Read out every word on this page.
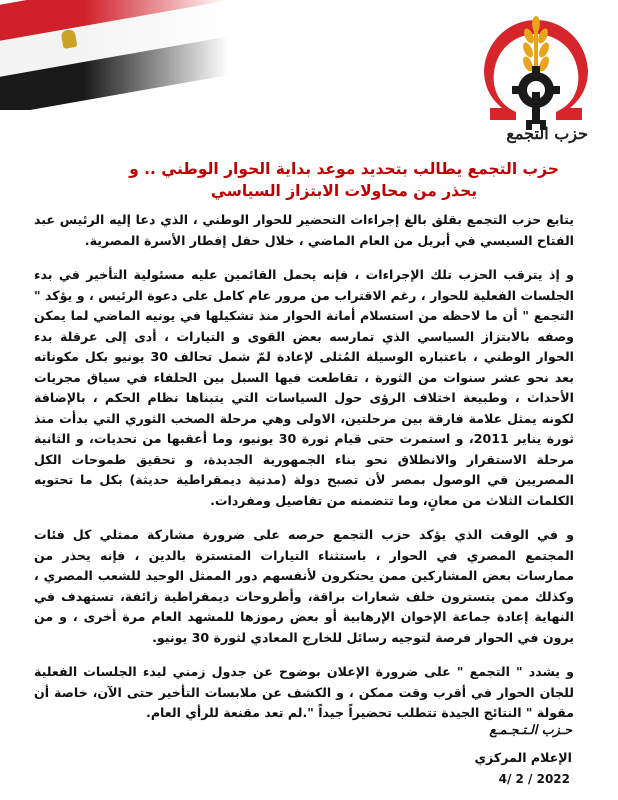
حزب التجمع
حزب التجمع يطالب بتحديد موعد بداية الحوار الوطني .. و يحذر من محاولات الابتزاز السياسي

يتابع حزب التجمع بقلق بالغ إجراءات التحضير للحوار الوطني ، الذي دعا إليه الرئيس عبد الفتاح السيسي في أبريل من العام الماضي ، خلال حفل إفطار الأسرة المصرية.

و إذ يترقب الحزب تلك الإجراءات ، فإنه يحمل القائمين عليه مسئولية التأخير في بدء الجلسات الفعلية للحوار ، رغم الاقتراب من مرور عام كامل على دعوة الرئيس ، و يؤكد " التجمع " أن ما لاحظه من استسلام أمانة الحوار منذ تشكيلها في يونيه الماضي لما يمكن وصفه بالابتزاز السياسي الذي تمارسه بعض القوى و التيارات ، أدى إلى عرقلة بدء الحوار الوطني ، باعتباره الوسيلة المُثلى لإعادة لمّ شمل تحالف 30 يونيو بكل مكوناته بعد نحو عشر سنوات من الثورة ، تقاطعت فيها السبل بين الحلفاء في سياق مجريات الأحداث ، وطبيعة اختلاف الرؤى حول السياسات التي يتبناها نظام الحكم ، بالإضافة لكونه يمثل علامة فارقة بين مرحلتين، الاولى وهي مرحلة الصخب الثوري التي بدأت منذ ثورة يناير 2011، و استمرت حتى قيام ثورة 30 يونيو، وما أعقبها من تحديات، و الثانية مرحلة الاستقرار والانطلاق نحو بناء الجمهورية الجديدة، و تحقيق طموحات الكل المصريين في الوصول بمصر لأن تصبح دولة (مدنية ديمقراطية حديثة) بكل ما تحتويه الكلمات الثلاث من معانٍ، وما تتضمنه من تفاصيل ومفردات.

و في الوقت الذي يؤكد حزب التجمع حرصه على ضرورة مشاركة ممثلي كل فئات المجتمع المصري في الحوار ، باستثناء التيارات المتسترة بالدين ، فإنه يحذر من ممارسات بعض المشاركين ممن يحتكرون لأنفسهم دور الممثل الوحيد للشعب المصري ، وكذلك ممن يتسترون خلف شعارات براقة، وأطروحات ديمقراطية زائفة، تستهدف في النهاية إعادة جماعة الإخوان الإرهابية أو بعض رموزها للمشهد العام مرة أخرى ، و من يرون في الحوار فرصة لتوجيه رسائل للخارج المعادي لثورة 30 يونيو.

و يشدد " التجمع " على ضرورة الإعلان بوضوح عن جدول زمني لبدء الجلسات الفعلية للجان الحوار في أقرب وقت ممكن ، و الكشف عن ملابسات التأخير حتى الآن، خاصة أن مقولة " النتائج الجيدة تتطلب تحضيراً جيداً ".لم تعد مقنعة للرأي العام.

حـزب الـتـجـمـع
الإعلام المركزي
4/ 2 / 2022
